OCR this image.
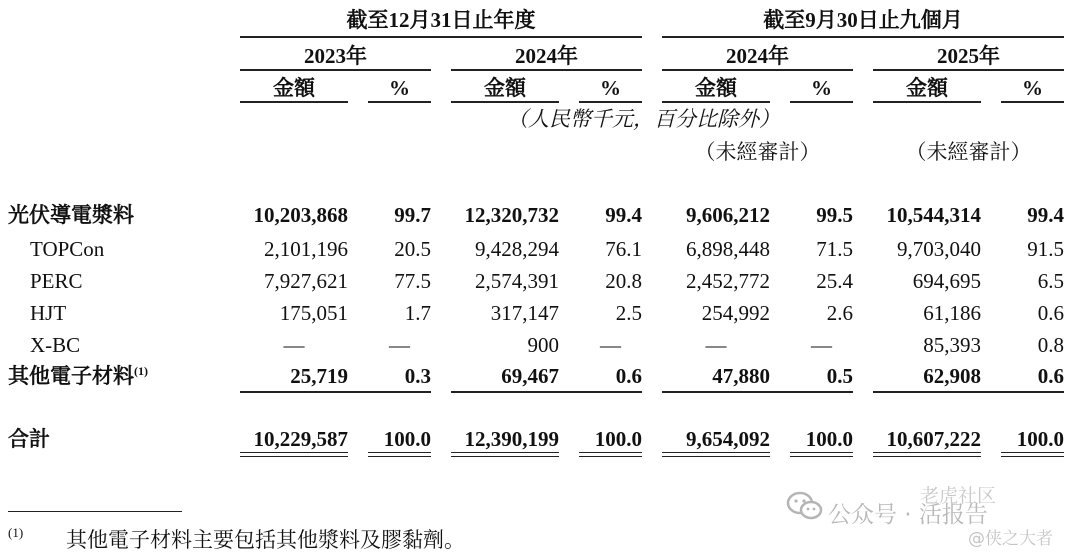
截至12月31日止年度	截至9月30日止九個月
2023年	2024年	2024年	2025年
金額	%	金額	%	金額	%	金額	%
（人民幣千元，百分比除外）
（未經審計）	（未經審計）
光伏導電漿料	10,203,868	99.7	12,320,732	99.4	9,606,212	99.5	10,544,314	99.4
TOPCon	2,101,196	20.5	9,428,294	76.1	6,898,448	71.5	9,703,040	91.5
PERC	7,927,621	77.5	2,574,391	20.8	2,452,772	25.4	694,695	6.5
HJT	175,051	1.7	317,147	2.5	254,992	2.6	61,186	0.6
X-BC	—	—	900	—	—	—	85,393	0.8
其他電子材料$^{(1)}$	25,719	0.3	69,467	0.6	47,880	0.5	62,908	0.6
合計	10,229,587	100.0	12,390,199	100.0	9,654,092	100.0	10,607,222	100.0
(1) 其他電子材料主要包括其他漿料及膠黏劑。
公众号 · 活报告
老虎社区
@侠之大者
